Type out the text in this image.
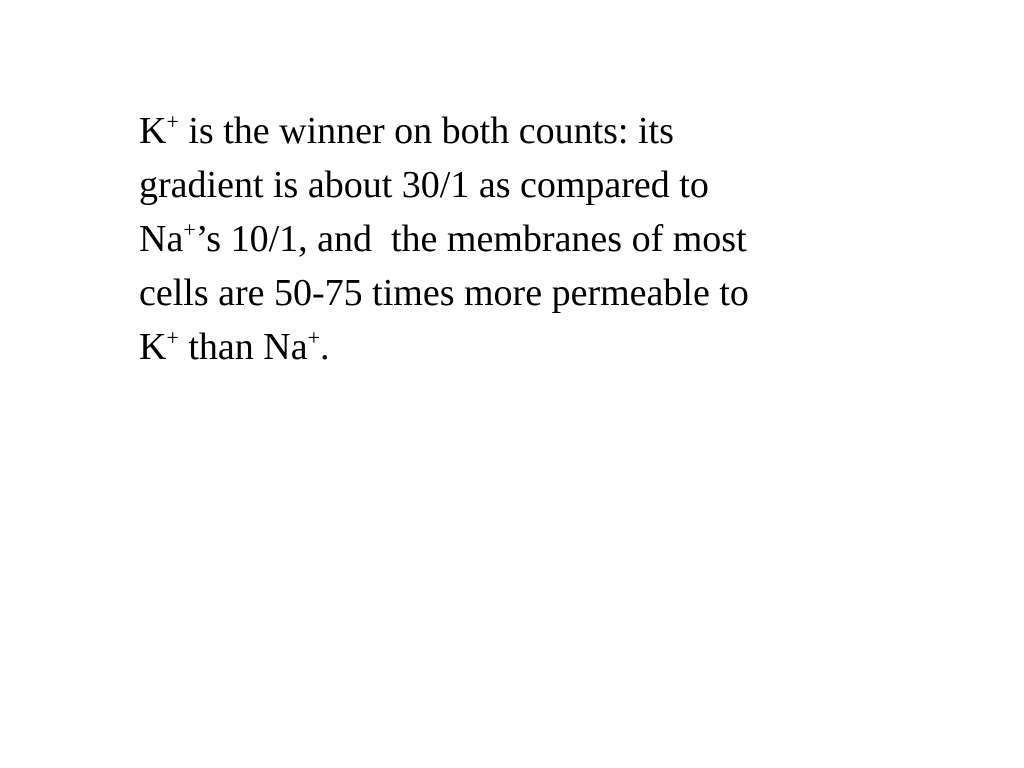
K+ is the winner on both counts: its
gradient is about 30/1 as compared to
Na+’s 10/1, and  the membranes of most
cells are 50-75 times more permeable to
K+ than Na+.
